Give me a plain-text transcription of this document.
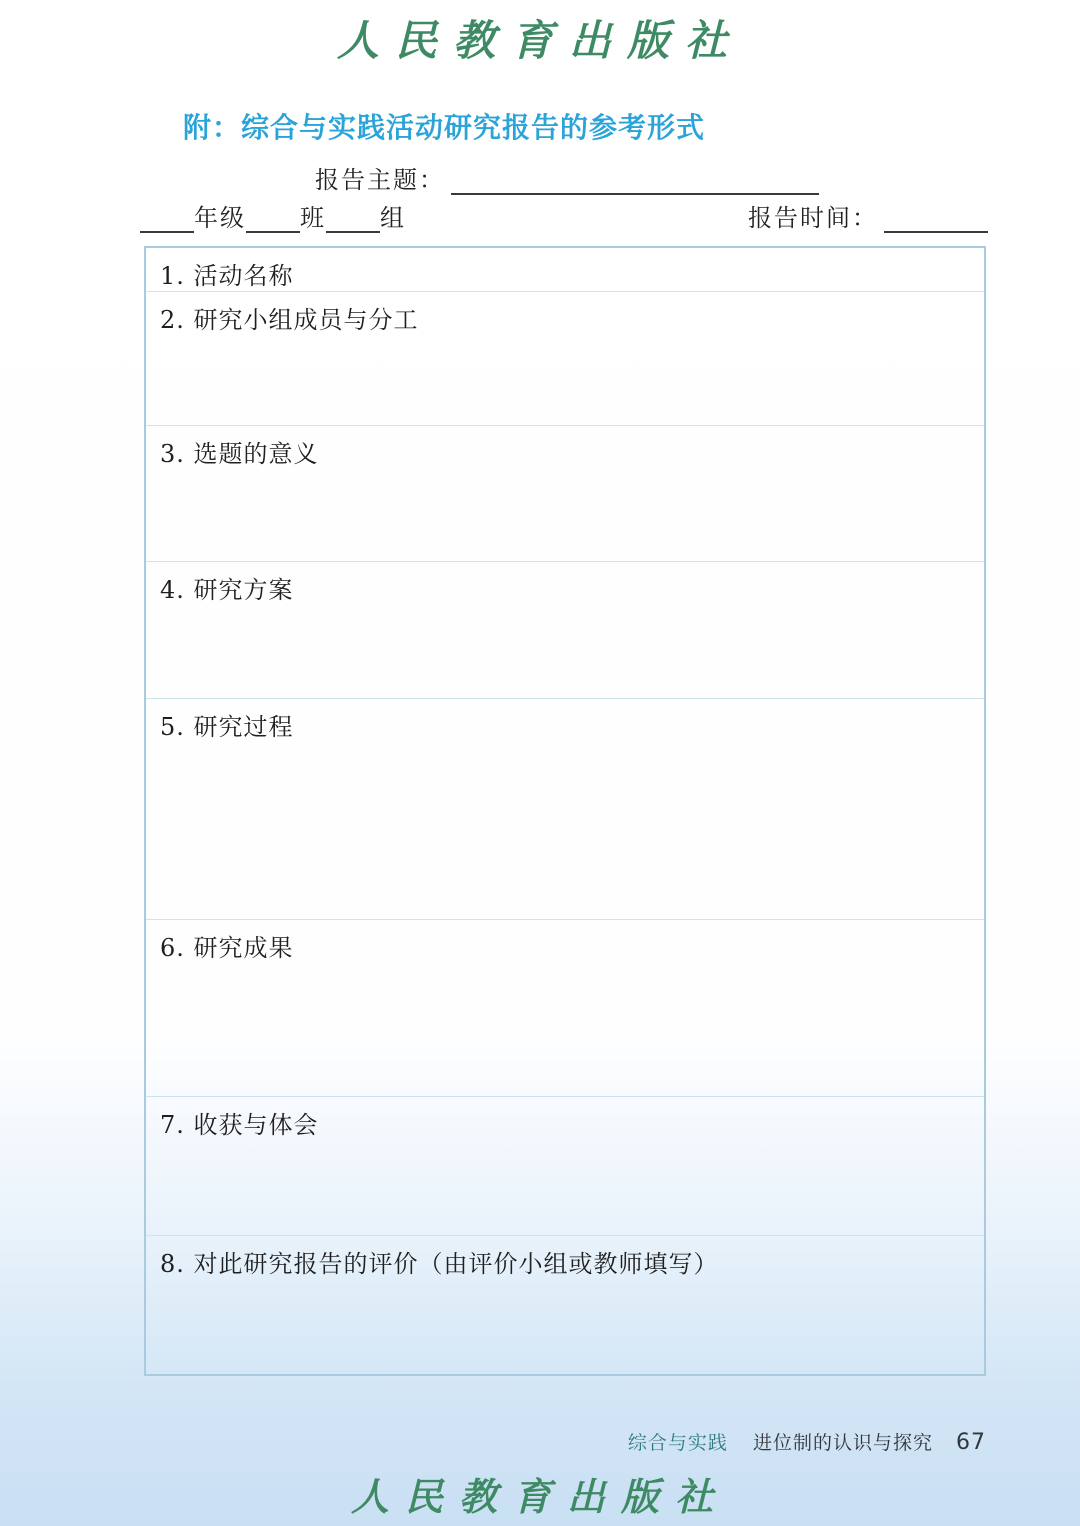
人民教育出版社
附：综合与实践活动研究报告的参考形式
报告主题：
年级 班 组	报告时间：
1. 活动名称
2. 研究小组成员与分工
3. 选题的意义
4. 研究方案
5. 研究过程
6. 研究成果
7. 收获与体会
8. 对此研究报告的评价（由评价小组或教师填写）
综合与实践 进位制的认识与探究 67
人民教育出版社
